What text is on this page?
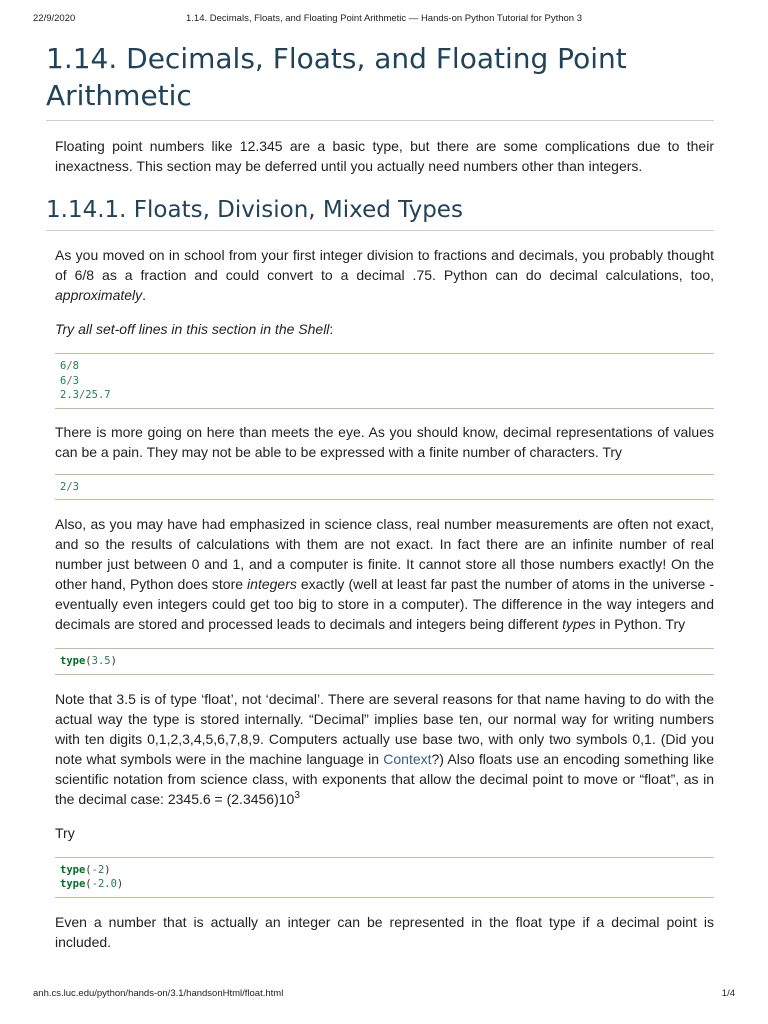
22/9/2020	1.14. Decimals, Floats, and Floating Point Arithmetic — Hands-on Python Tutorial for Python 3
1.14. Decimals, Floats, and Floating Point Arithmetic

Floating point numbers like 12.345 are a basic type, but there are some complications due to their inexactness. This section may be deferred until you actually need numbers other than integers.

1.14.1. Floats, Division, Mixed Types

As you moved on in school from your first integer division to fractions and decimals, you probably thought of 6/8 as a fraction and could convert to a decimal .75. Python can do decimal calculations, too, approximately.

Try all set-off lines in this section in the Shell:

6/8
6/3
2.3/25.7

There is more going on here than meets the eye. As you should know, decimal representations of values can be a pain. They may not be able to be expressed with a finite number of characters. Try

2/3

Also, as you may have had emphasized in science class, real number measurements are often not exact, and so the results of calculations with them are not exact. In fact there are an infinite number of real number just between 0 and 1, and a computer is finite. It cannot store all those numbers exactly! On the other hand, Python does store integers exactly (well at least far past the number of atoms in the universe - eventually even integers could get too big to store in a computer). The difference in the way integers and decimals are stored and processed leads to decimals and integers being different types in Python. Try

type(3.5)

Note that 3.5 is of type ‘float’, not ‘decimal’. There are several reasons for that name having to do with the actual way the type is stored internally. “Decimal” implies base ten, our normal way for writing numbers with ten digits 0,1,2,3,4,5,6,7,8,9. Computers actually use base two, with only two symbols 0,1. (Did you note what symbols were in the machine language in Context?) Also floats use an encoding something like scientific notation from science class, with exponents that allow the decimal point to move or “float”, as in the decimal case: $2345.6 = (2.3456)10^3$

Try

type(-2)
type(-2.0)

Even a number that is actually an integer can be represented in the float type if a decimal point is included.

anh.cs.luc.edu/python/hands-on/3.1/handsonHtml/float.html	1/4
